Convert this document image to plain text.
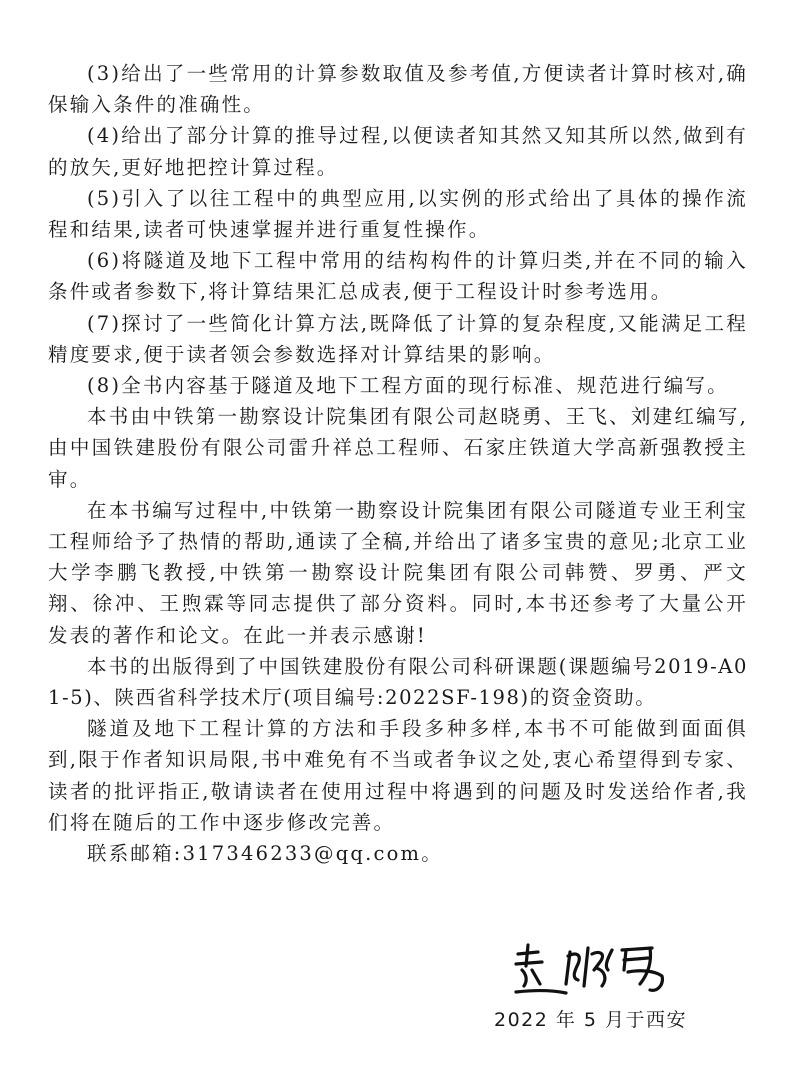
(3)给出了一些常用的计算参数取值及参考值,方便读者计算时核对,确保输入条件的准确性。

(4)给出了部分计算的推导过程,以便读者知其然又知其所以然,做到有的放矢,更好地把控计算过程。

(5)引入了以往工程中的典型应用,以实例的形式给出了具体的操作流程和结果,读者可快速掌握并进行重复性操作。

(6)将隧道及地下工程中常用的结构构件的计算归类,并在不同的输入条件或者参数下,将计算结果汇总成表,便于工程设计时参考选用。

(7)探讨了一些简化计算方法,既降低了计算的复杂程度,又能满足工程精度要求,便于读者领会参数选择对计算结果的影响。

(8)全书内容基于隧道及地下工程方面的现行标准、规范进行编写。

本书由中铁第一勘察设计院集团有限公司赵晓勇、王飞、刘建红编写,由中国铁建股份有限公司雷升祥总工程师、石家庄铁道大学高新强教授主审。

在本书编写过程中,中铁第一勘察设计院集团有限公司隧道专业王利宝工程师给予了热情的帮助,通读了全稿,并给出了诸多宝贵的意见;北京工业大学李鹏飞教授,中铁第一勘察设计院集团有限公司韩赞、罗勇、严文翔、徐冲、王煦霖等同志提供了部分资料。同时,本书还参考了大量公开发表的著作和论文。在此一并表示感谢!

本书的出版得到了中国铁建股份有限公司科研课题(课题编号2019-A01-5)、陕西省科学技术厅(项目编号:2022SF-198)的资金资助。

隧道及地下工程计算的方法和手段多种多样,本书不可能做到面面俱到,限于作者知识局限,书中难免有不当或者争议之处,衷心希望得到专家、读者的批评指正,敬请读者在使用过程中将遇到的问题及时发送给作者,我们将在随后的工作中逐步修改完善。

联系邮箱:317346233@qq.com。

2022 年 5 月于西安
